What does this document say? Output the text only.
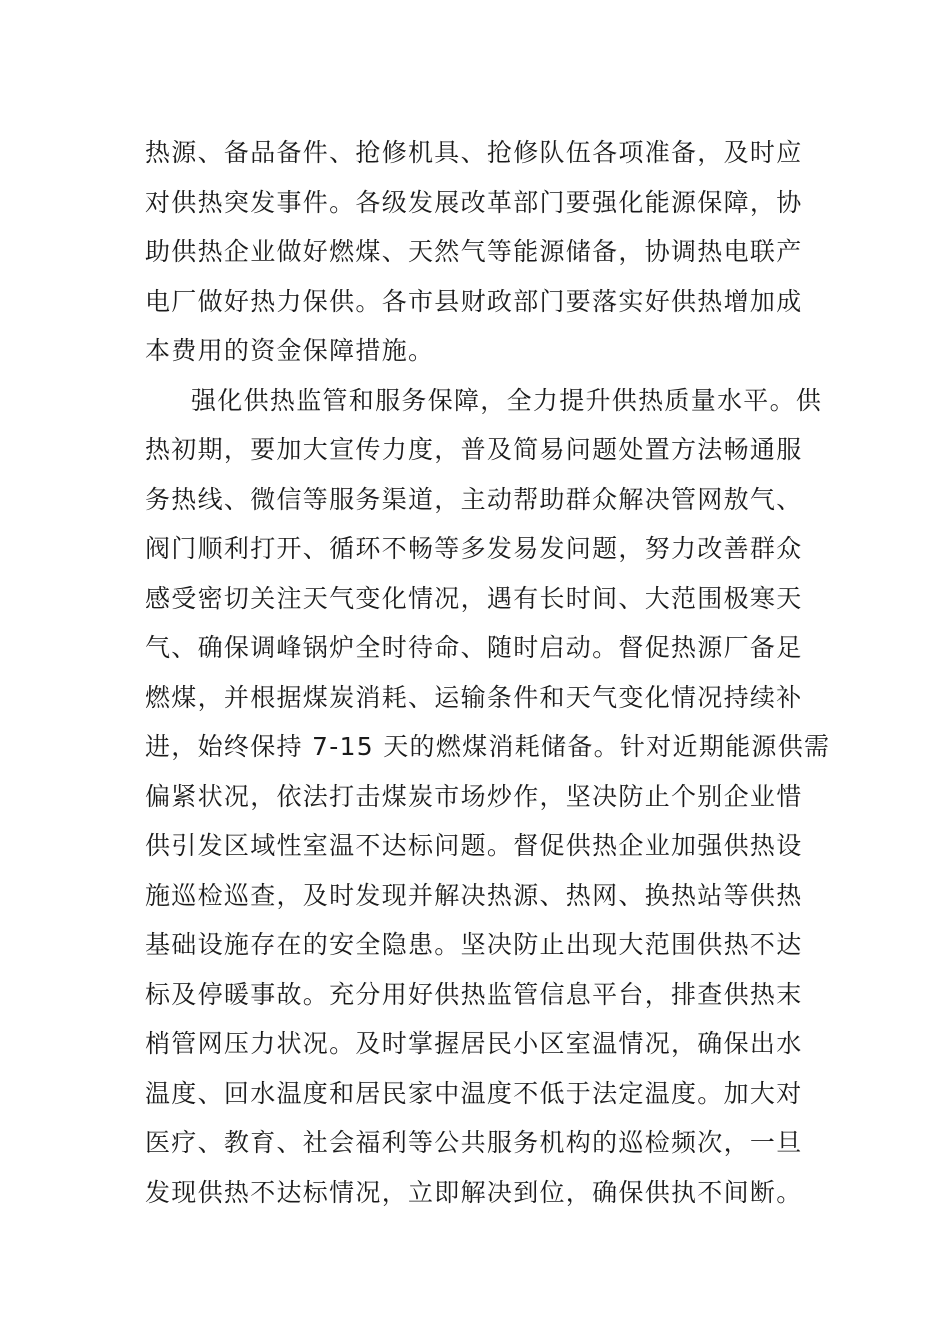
热源、备品备件、抢修机具、抢修队伍各项准备，及时应
对供热突发事件。各级发展改革部门要强化能源保障，协
助供热企业做好燃煤、天然气等能源储备，协调热电联产
电厂做好热力保供。各市县财政部门要落实好供热增加成
本费用的资金保障措施。
强化供热监管和服务保障，全力提升供热质量水平。供
热初期，要加大宣传力度，普及简易问题处置方法畅通服
务热线、微信等服务渠道，主动帮助群众解决管网敖气、
阀门顺利打开、循环不畅等多发易发问题，努力改善群众
感受密切关注天气变化情况，遇有长时间、大范围极寒天
气、确保调峰锅炉全时待命、随时启动。督促热源厂备足
燃煤，并根据煤炭消耗、运输条件和天气变化情况持续补
进，始终保持 7-15 天的燃煤消耗储备。针对近期能源供需
偏紧状况，依法打击煤炭市场炒作，坚决防止个别企业惜
供引发区域性室温不达标问题。督促供热企业加强供热设
施巡检巡查，及时发现并解决热源、热网、换热站等供热
基础设施存在的安全隐患。坚决防止出现大范围供热不达
标及停暖事故。充分用好供热监管信息平台，排查供热末
梢管网压力状况。及时掌握居民小区室温情况，确保出水
温度、回水温度和居民家中温度不低于法定温度。加大对
医疗、教育、社会福利等公共服务机构的巡检频次，一旦
发现供热不达标情况，立即解决到位，确保供执不间断。
